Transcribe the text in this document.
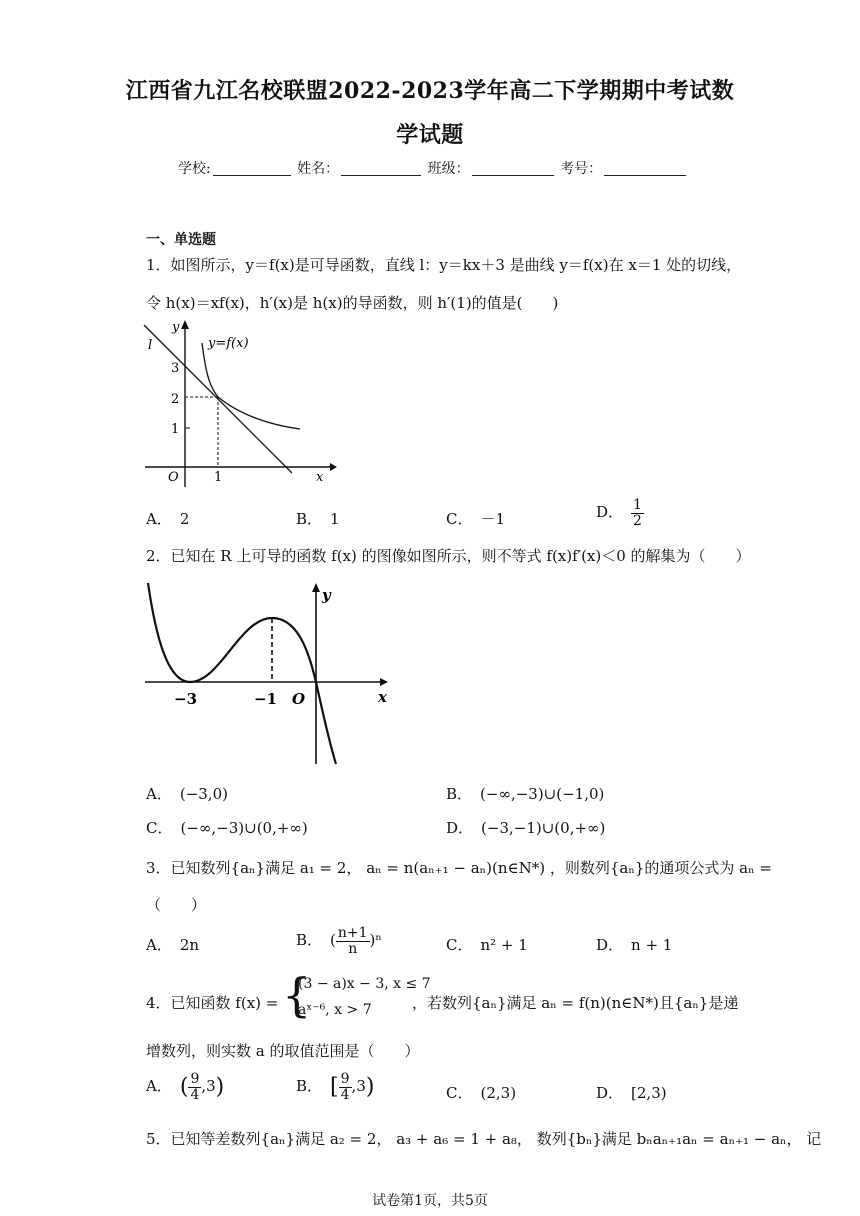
江西省九江名校联盟2022-2023学年高二下学期期中考试数
学试题
学校:	姓名：	班级：	考号：
一、单选题
1．如图所示，y＝f(x)是可导函数，直线 l：y＝kx＋3 是曲线 y＝f(x)在 x＝1 处的切线，
令 h(x)＝xf(x)，h′(x)是 h(x)的导函数，则 h′(1)的值是(　　)
3
2
1
1
O	x
y
l	y=f(x)
A． 2	B． 1	C． －1	D． $\frac{1}{2}$
2．已知在 R 上可导的函数 f(x) 的图像如图所示，则不等式 f(x)f′(x)＜0 的解集为（　　）
−3	−1 O	x
y
A． (−3,0)	B． (−∞,−3)∪(−1,0)
C． (−∞,−3)∪(0,+∞)	D． (−3,−1)∪(0,+∞)
3．已知数列{aₙ}满足 a₁ = 2， aₙ = n(aₙ₊₁ − aₙ)(n∈N*) ，则数列{aₙ}的通项公式为 aₙ =
（　　）
A． 2n	B． ( $\frac{n+1}{n} )^n$	C． n² + 1	D． n + 1
4．已知函数 f(x) = {
(3 − a)x − 3, x ≤ 7
aˣ⁻⁶, x > 7	，若数列{aₙ}满足 aₙ = f(n)(n∈N*)且{aₙ}是递
增数列，则实数 a 的取值范围是（　　）
A． ( $\frac{9}{4} ,3$)	B． [ $\frac{9}{4} ,3$)	C． (2,3)	D． [2,3)
5．已知等差数列{aₙ}满足 a₂ = 2， a₃ + a₆ = 1 + a₈， 数列{bₙ}满足 bₙaₙ₊₁aₙ = aₙ₊₁ − aₙ， 记
试卷第1页，共5页
